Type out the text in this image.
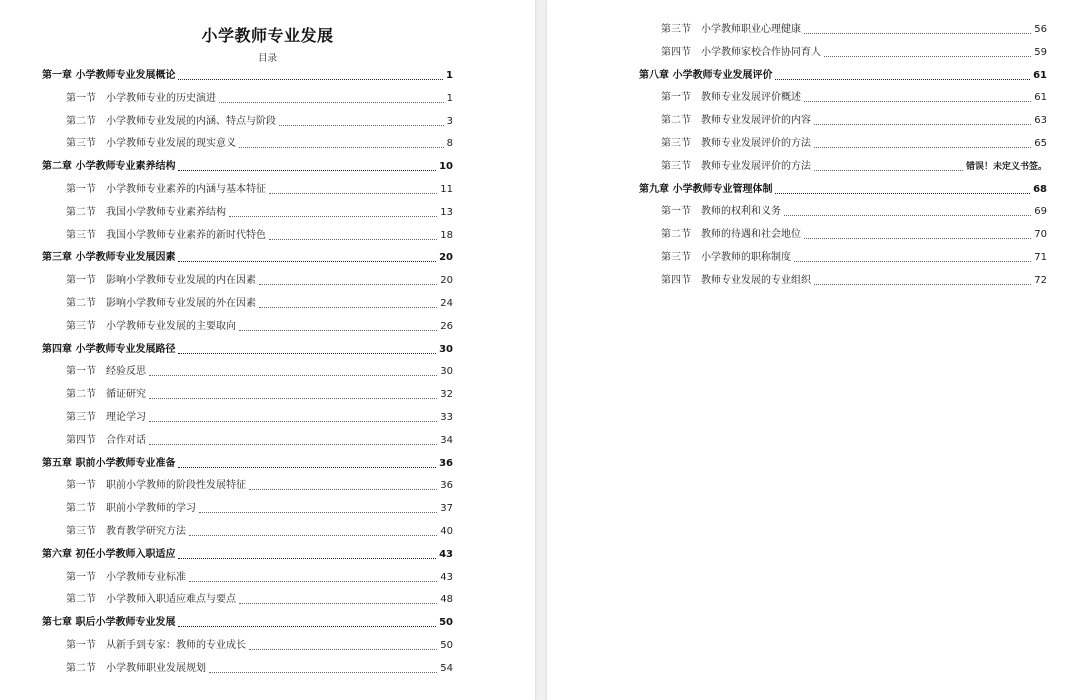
小学教师专业发展
目录
第一章 小学教师专业发展概论	1
第一节 小学教师专业的历史演进	1
第二节 小学教师专业发展的内涵、特点与阶段	3
第三节 小学教师专业发展的现实意义	8
第二章 小学教师专业素养结构	10
第一节 小学教师专业素养的内涵与基本特征	11
第二节 我国小学教师专业素养结构	13
第三节 我国小学教师专业素养的新时代特色	18
第三章 小学教师专业发展因素	20
第一节 影响小学教师专业发展的内在因素	20
第二节 影响小学教师专业发展的外在因素	24
第三节 小学教师专业发展的主要取向	26
第四章 小学教师专业发展路径	30
第一节 经验反思	30
第二节 循证研究	32
第三节 理论学习	33
第四节 合作对话	34
第五章 职前小学教师专业准备	36
第一节 职前小学教师的阶段性发展特征	36
第二节 职前小学教师的学习	37
第三节 教育教学研究方法	40
第六章 初任小学教师入职适应	43
第一节 小学教师专业标准	43
第二节 小学教师入职适应难点与要点	48
第七章 职后小学教师专业发展	50
第一节 从新手到专家：教师的专业成长	50
第二节 小学教师职业发展规划	54
第三节 小学教师职业心理健康	56
第四节 小学教师家校合作协同育人	59
第八章 小学教师专业发展评价	61
第一节 教师专业发展评价概述	61
第二节 教师专业发展评价的内容	63
第三节 教师专业发展评价的方法	65
第三节 教师专业发展评价的方法	错误！未定义书签。
第九章 小学教师专业管理体制	68
第一节 教师的权利和义务	69
第二节 教师的待遇和社会地位	70
第三节 小学教师的职称制度	71
第四节 教师专业发展的专业组织	72
